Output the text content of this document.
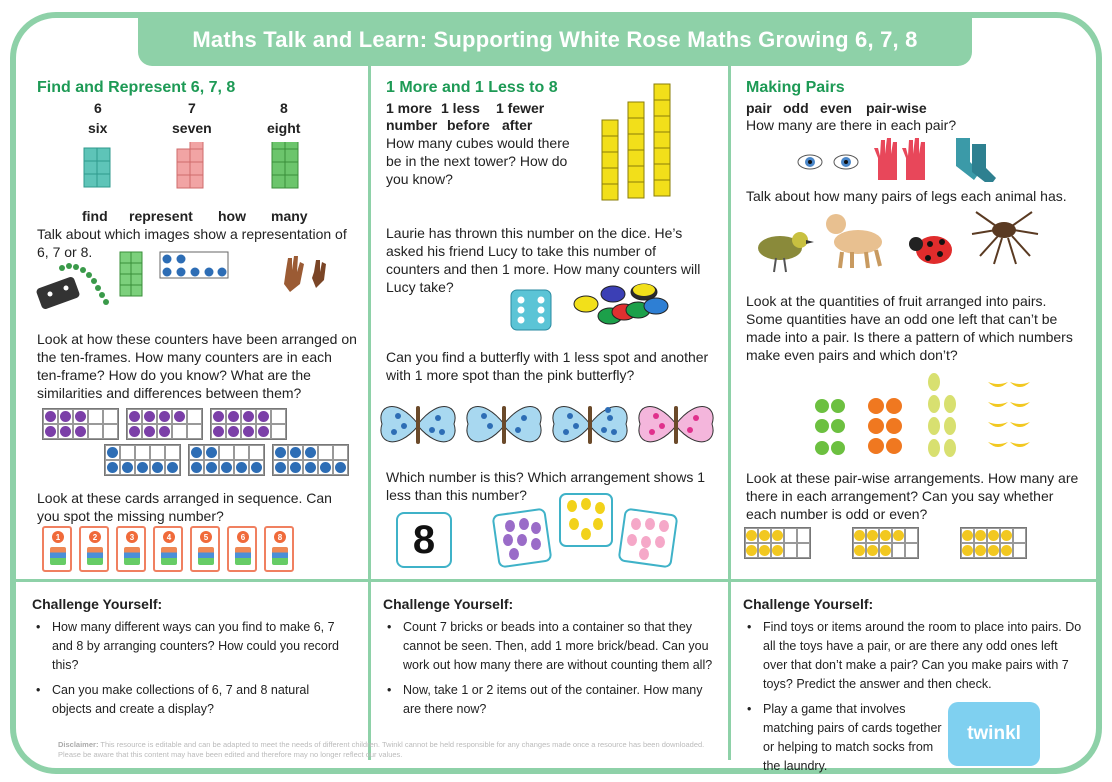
Maths Talk and Learn: Supporting White Rose Maths Growing 6, 7, 8
Find and Represent 6, 7, 8
6	7	8
six	seven	eight
find represent how many
Talk about which images show a representation of 6, 7 or 8.
Look at how these counters have been arranged on the ten-frames. How many counters are in each ten-frame? How do you know? What are the similarities and differences between them?
Look at these cards arranged in sequence. Can you spot the missing number?
1	2	3	4	5	6	8
1 More and 1 Less to 8
1 more 1 less 1 fewer
number before after
How many cubes would there be in the next tower? How do you know?
Laurie has thrown this number on the dice. He’s asked his friend Lucy to take this number of counters and then 1 more. How many counters will Lucy take?
Can you find a butterfly with 1 less spot and another with 1 more spot than the pink butterfly?
Which number is this? Which arrangement shows 1 less than this number?
8
Making Pairs
pair odd even pair-wise
How many are there in each pair?
Talk about how many pairs of legs each animal has.
Look at the quantities of fruit arranged into pairs. Some quantities have an odd one left that can’t be made into a pair. Is there a pattern of which numbers make even pairs and which don’t?
Look at these pair-wise arrangements. How many are there in each arrangement? Can you say whether each number is odd or even?
Challenge Yourself:
• How many different ways can you find to make 6, 7 and 8 by arranging counters? How could you record this?
• Can you make collections of 6, 7 and 8 natural objects and create a display?
Challenge Yourself:
• Count 7 bricks or beads into a container so that they cannot be seen. Then, add 1 more brick/bead. Can you work out how many there are without counting them all?
• Now, take 1 or 2 items out of the container. How many are there now?
Challenge Yourself:
• Find toys or items around the room to place into pairs. Do all the toys have a pair, or are there any odd ones left over that don’t make a pair? Can you make pairs with 7 toys? Predict the answer and then check.
• Play a game that involves matching pairs of cards together or helping to match socks from the laundry.
twinkl
Disclaimer: This resource is editable and can be adapted to meet the needs of different children. Twinkl cannot be held responsible for any changes made once a resource has been downloaded. Please be aware that this content may have been edited and therefore may no longer reflect our values.
